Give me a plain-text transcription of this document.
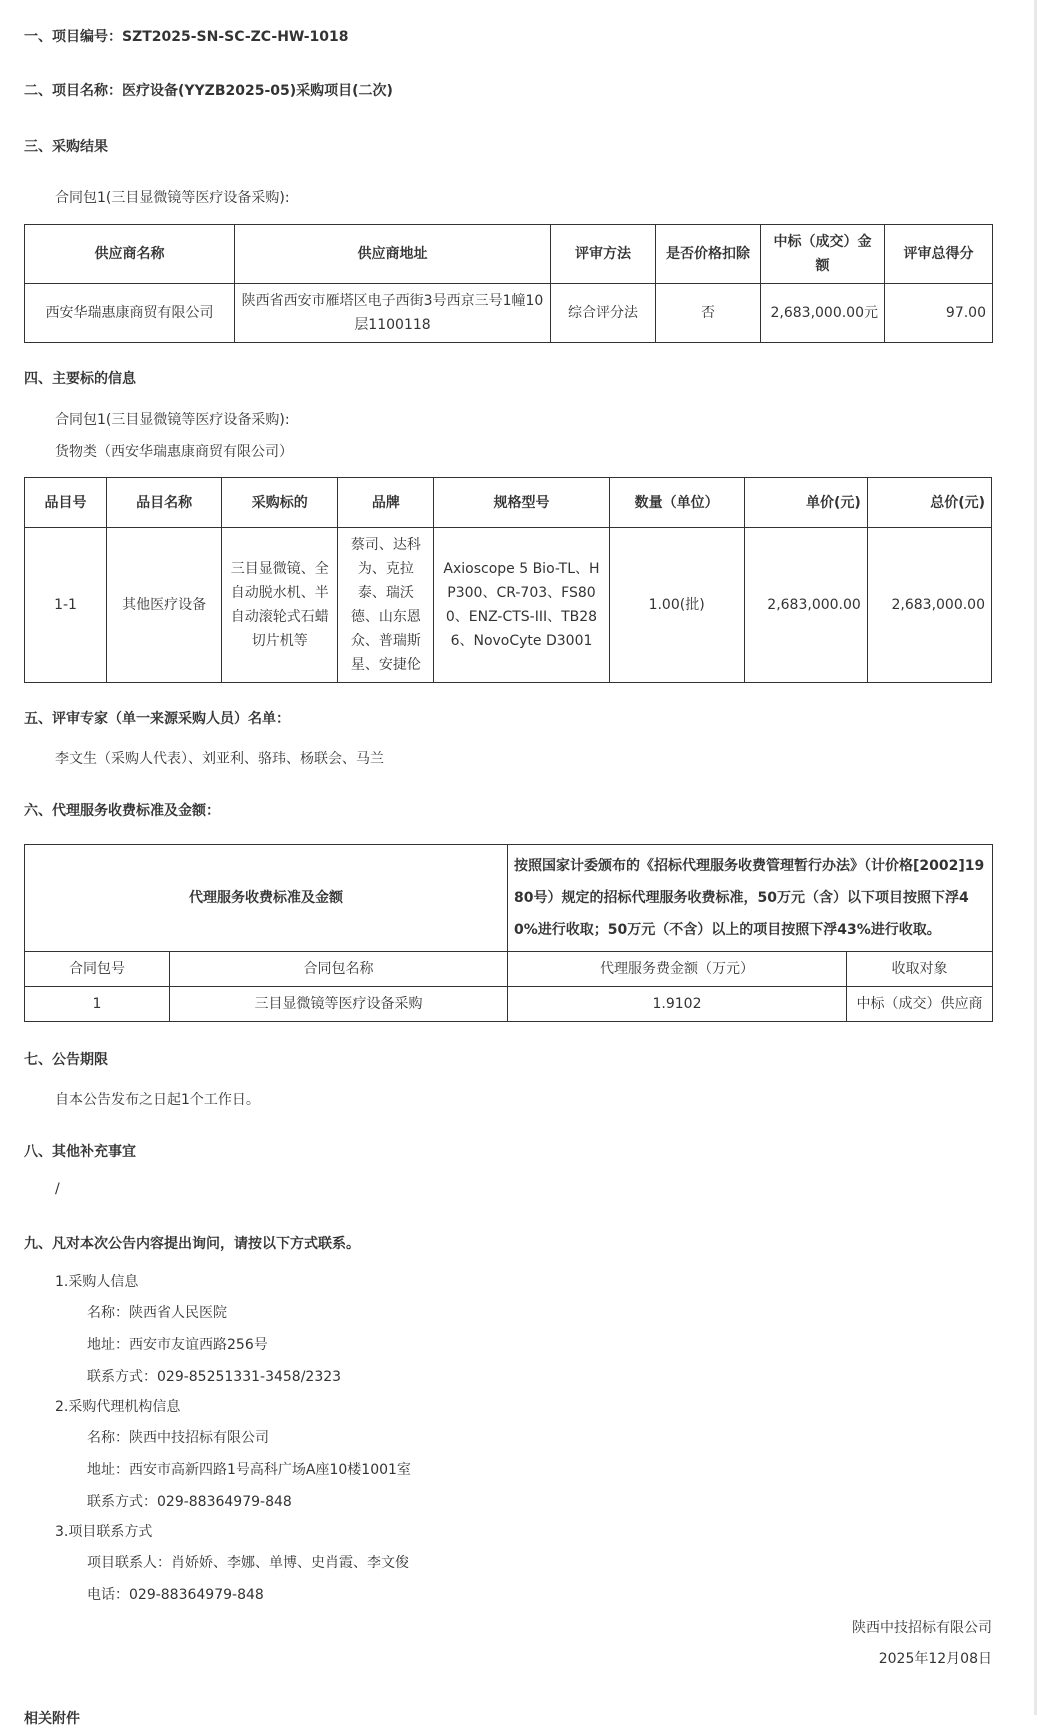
一、项目编号：SZT2025-SN-SC-ZC-HW-1018
二、项目名称：医疗设备(YYZB2025-05)采购项目(二次)
三、采购结果
合同包1(三目显微镜等医疗设备采购):
供应商名称	供应商地址	评审方法	是否价格扣除	中标（成交）金额	评审总得分
西安华瑞惠康商贸有限公司	陕西省西安市雁塔区电子西街3号西京三号1幢10层1100118	综合评分法	否	2,683,000.00元	97.00
四、主要标的信息
合同包1(三目显微镜等医疗设备采购):
货物类（西安华瑞惠康商贸有限公司）
品目号	品目名称	采购标的	品牌	规格型号	数量（单位）	单价(元)	总价(元)
1-1	其他医疗设备	三目显微镜、全自动脱水机、半自动滚轮式石蜡切片机等	蔡司、达科为、克拉泰、瑞沃德、山东恩众、普瑞斯星、安捷伦	Axioscope 5 Bio-TL、HP300、CR-703、FS800、ENZ-CTS-III、TB286、NovoCyte D3001	1.00(批)	2,683,000.00	2,683,000.00
五、评审专家（单一来源采购人员）名单：
李文生（采购人代表）、刘亚利、骆玮、杨联会、马兰
六、代理服务收费标准及金额：
代理服务收费标准及金额		按照国家计委颁布的《招标代理服务收费管理暂行办法》（计价格[2002]1980号）规定的招标代理服务收费标准，50万元（含）以下项目按照下浮40%进行收取；50万元（不含）以上的项目按照下浮43%进行收取。	
合同包号	合同包名称	代理服务费金额（万元）	收取对象
1	三目显微镜等医疗设备采购	1.9102	中标（成交）供应商
七、公告期限
自本公告发布之日起1个工作日。
八、其他补充事宜
/
九、凡对本次公告内容提出询问，请按以下方式联系。
1.采购人信息
名称：陕西省人民医院
地址：西安市友谊西路256号
联系方式：029-85251331-3458/2323
2.采购代理机构信息
名称：陕西中技招标有限公司
地址：西安市高新四路1号高科广场A座10楼1001室
联系方式：029-88364979-848
3.项目联系方式
项目联系人：肖娇娇、李娜、单博、史肖霞、李文俊
电话：029-88364979-848
陕西中技招标有限公司
2025年12月08日
相关附件
